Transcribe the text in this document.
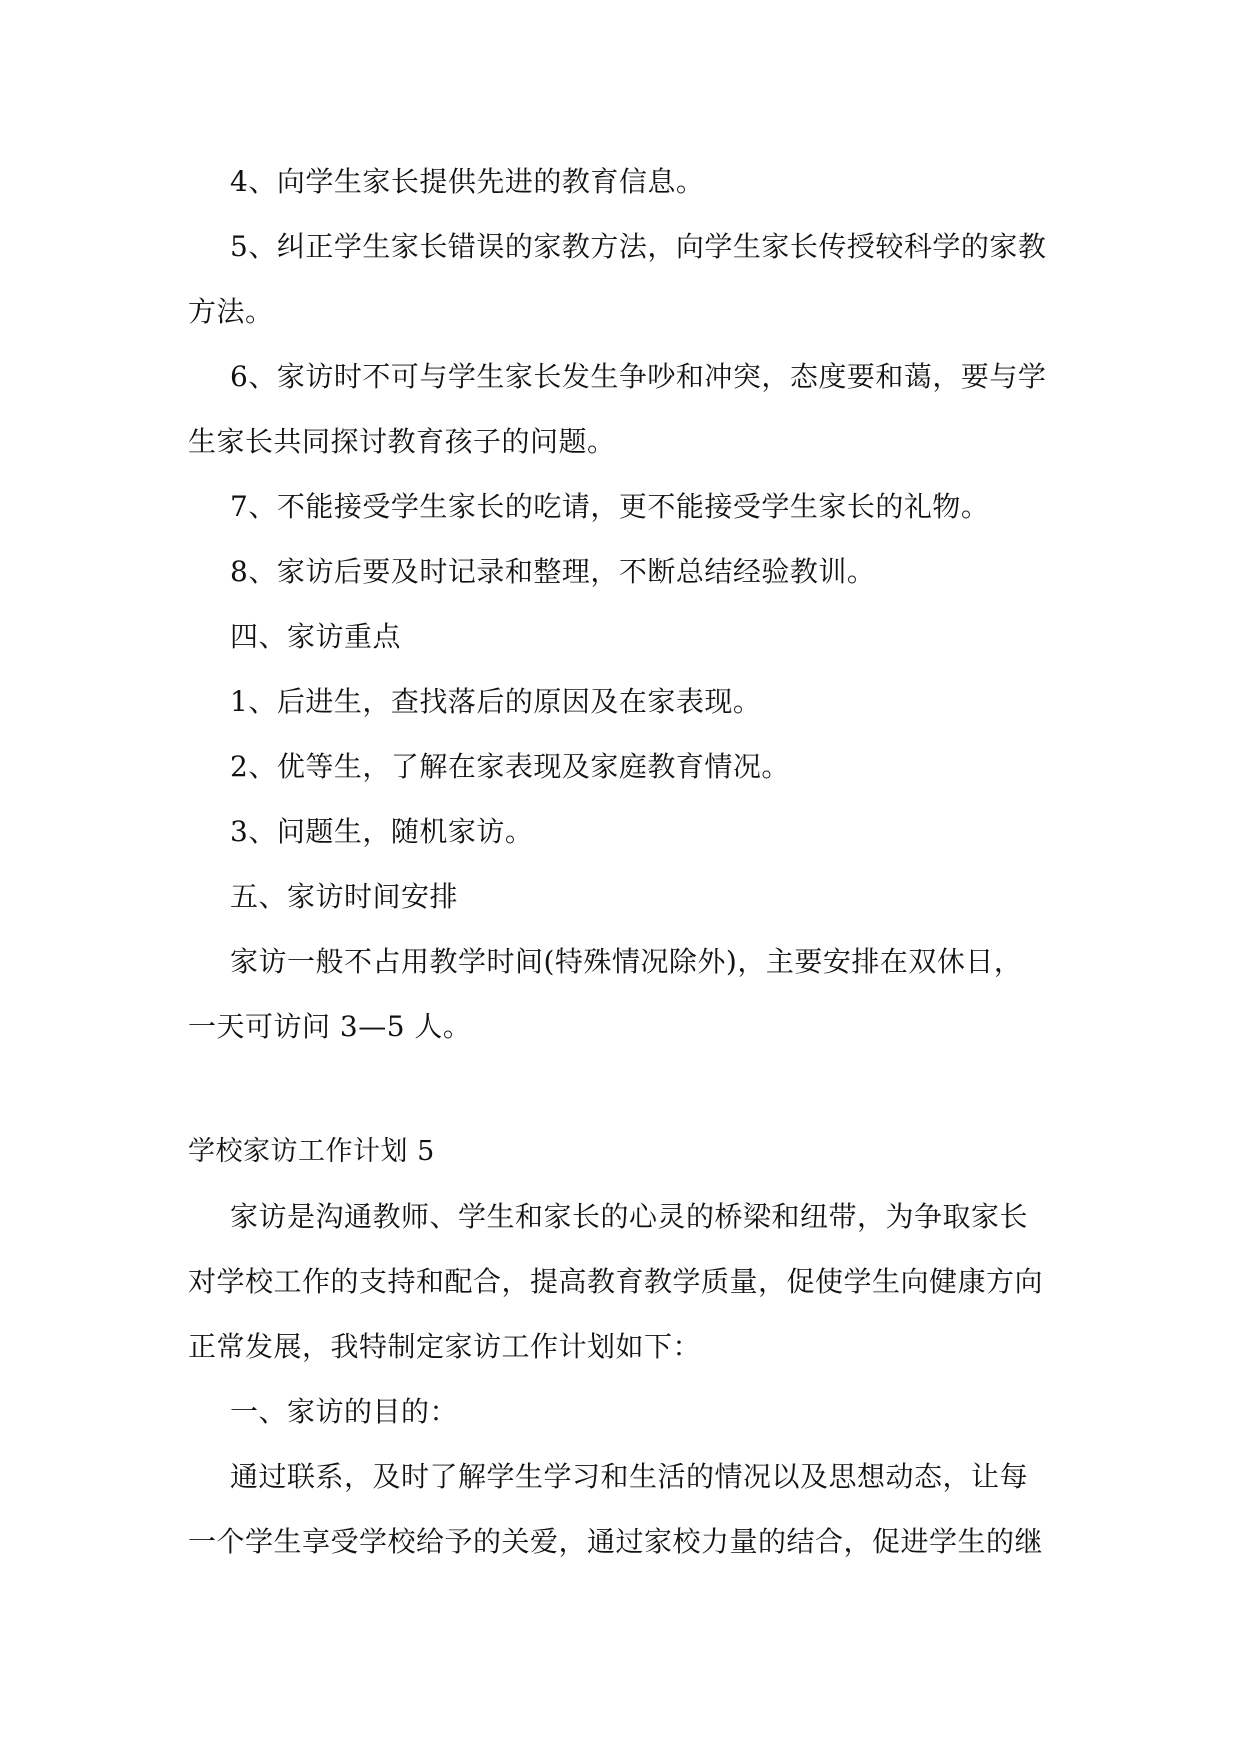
4、向学生家长提供先进的教育信息。
5、纠正学生家长错误的家教方法，向学生家长传授较科学的家教
方法。
6、家访时不可与学生家长发生争吵和冲突，态度要和蔼，要与学
生家长共同探讨教育孩子的问题。
7、不能接受学生家长的吃请，更不能接受学生家长的礼物。
8、家访后要及时记录和整理，不断总结经验教训。
四、家访重点
1、后进生，查找落后的原因及在家表现。
2、优等生，了解在家表现及家庭教育情况。
3、问题生，随机家访。
五、家访时间安排
家访一般不占用教学时间(特殊情况除外)，主要安排在双休日，
一天可访问 3—5 人。
学校家访工作计划 5
家访是沟通教师、学生和家长的心灵的桥梁和纽带，为争取家长
对学校工作的支持和配合，提高教育教学质量，促使学生向健康方向
正常发展，我特制定家访工作计划如下：
一、家访的目的：
通过联系，及时了解学生学习和生活的情况以及思想动态，让每
一个学生享受学校给予的关爱，通过家校力量的结合，促进学生的继
